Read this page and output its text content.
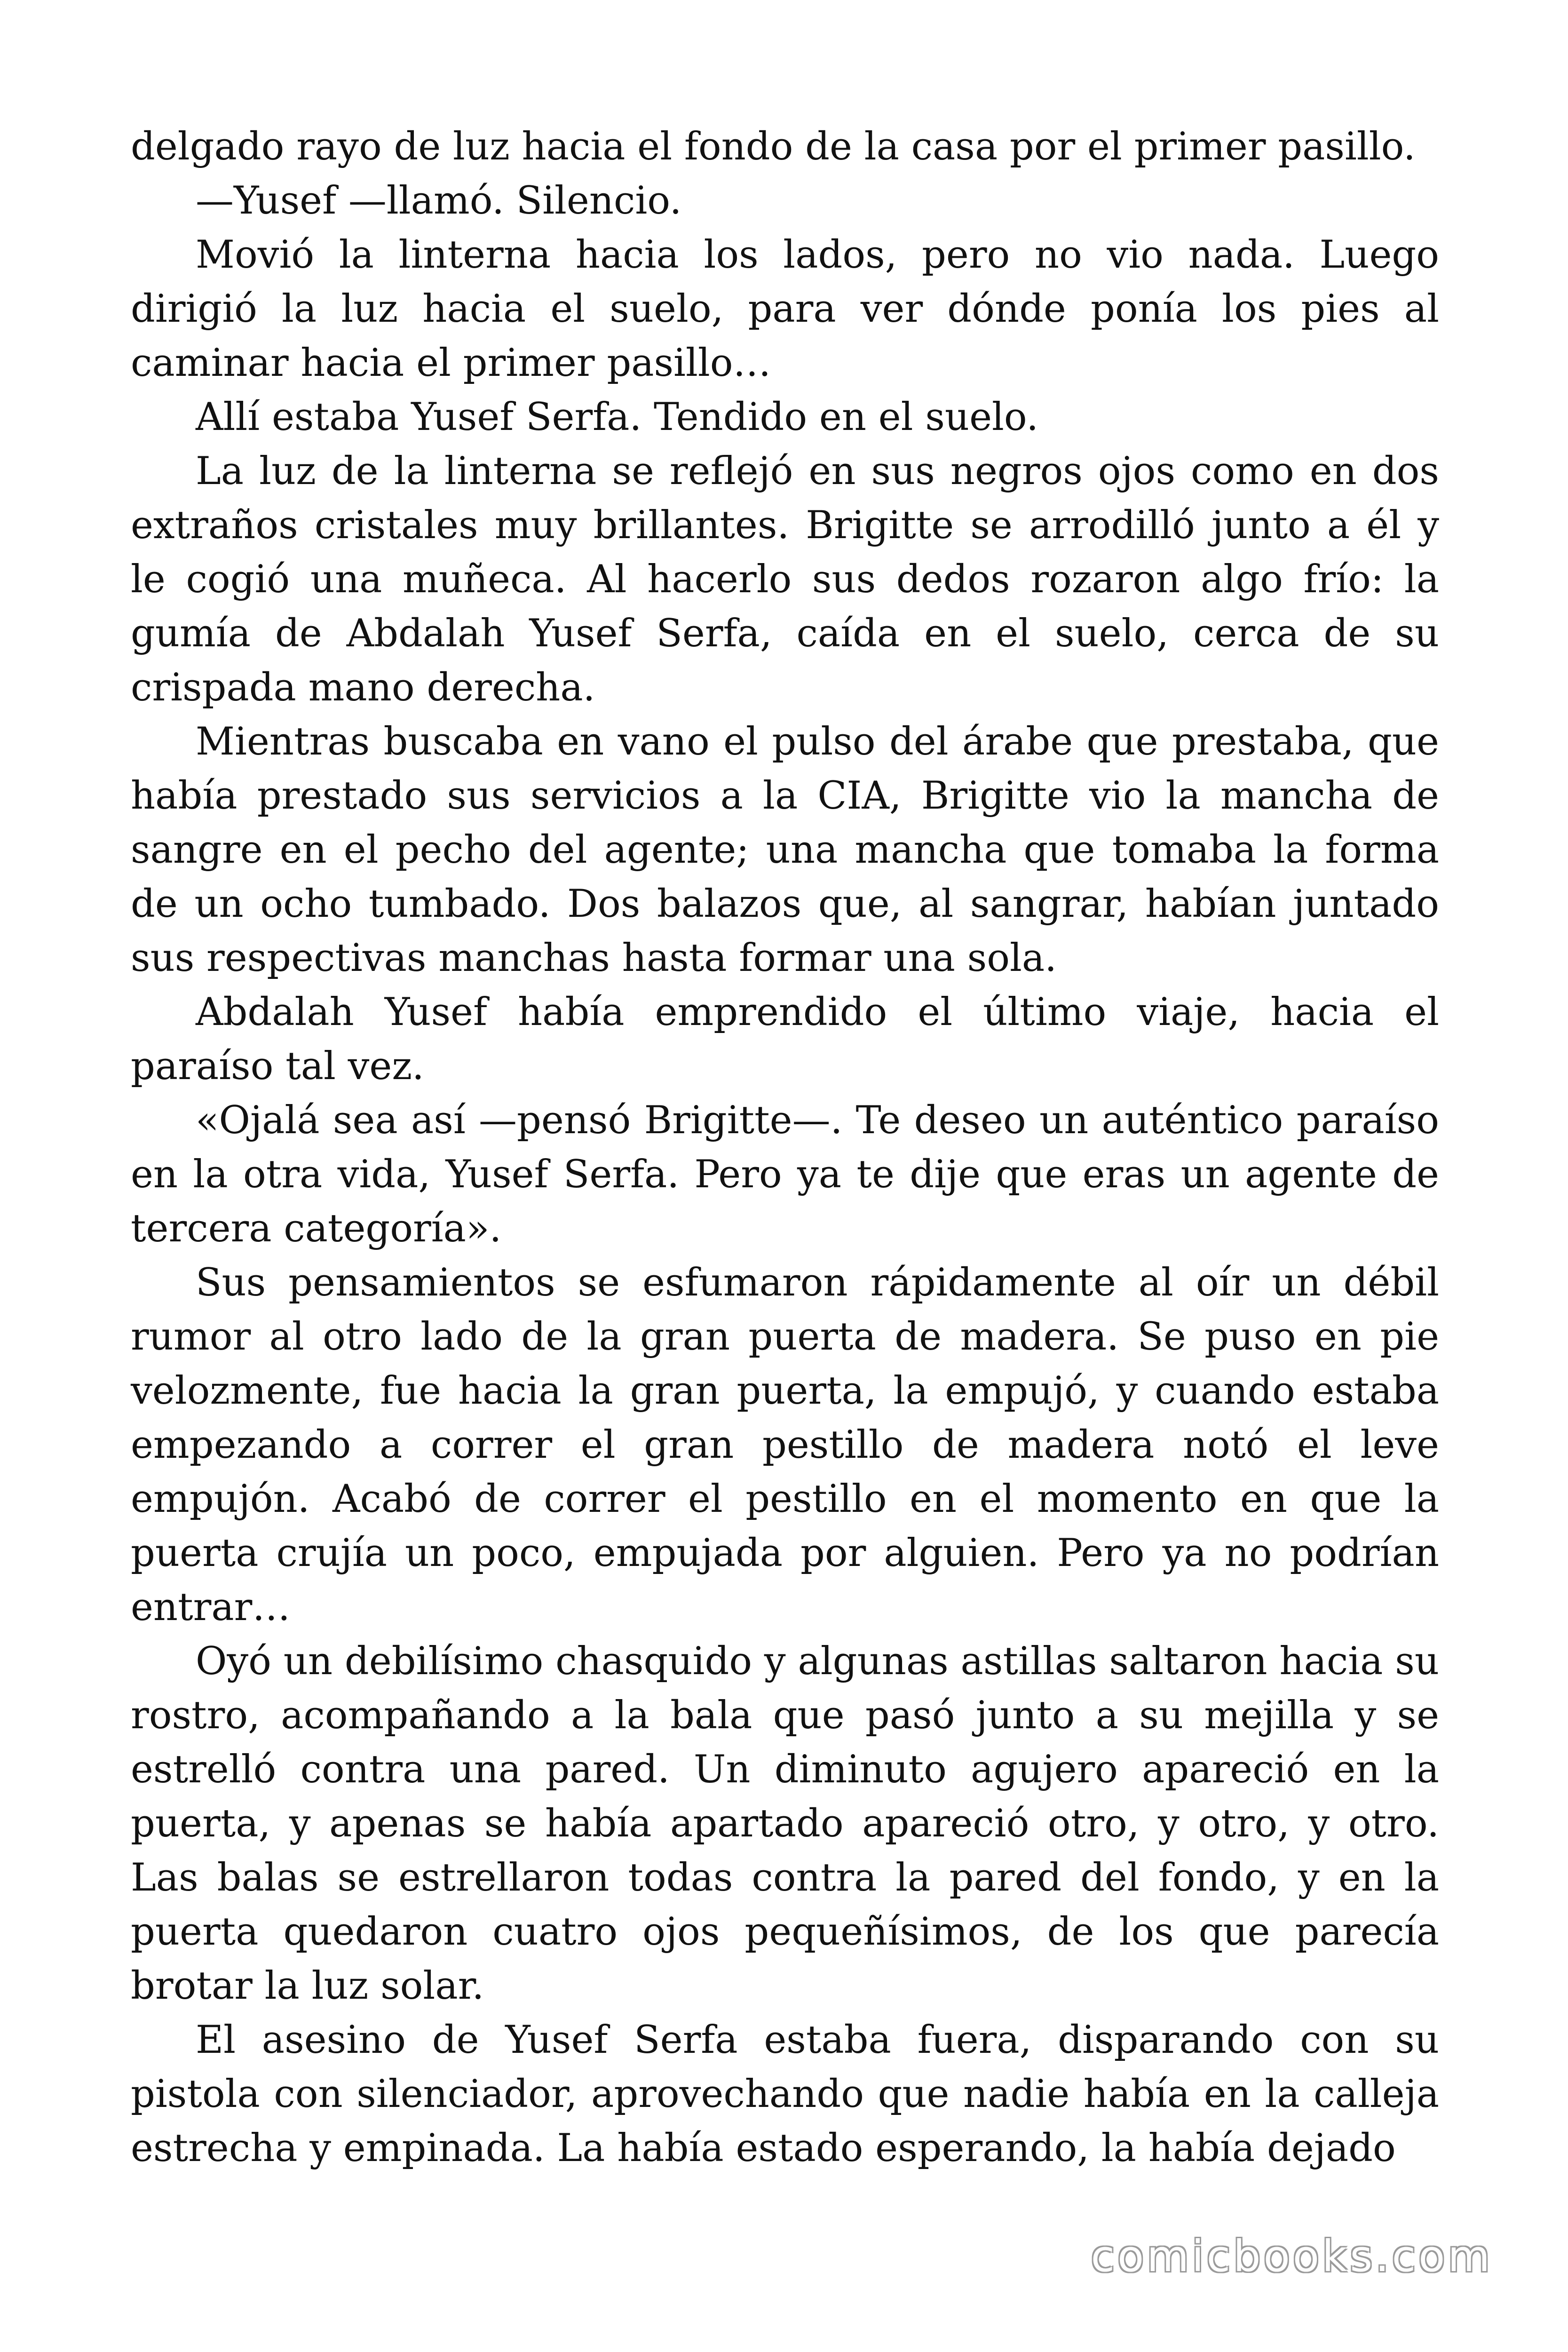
delgado rayo de luz hacia el fondo de la casa por el primer pasillo.

—Yusef —llamó. Silencio.

Movió la linterna hacia los lados, pero no vio nada. Luego dirigió la luz hacia el suelo, para ver dónde ponía los pies al caminar hacia el primer pasillo…

Allí estaba Yusef Serfa. Tendido en el suelo.

La luz de la linterna se reflejó en sus negros ojos como en dos extraños cristales muy brillantes. Brigitte se arrodilló junto a él y le cogió una muñeca. Al hacerlo sus dedos rozaron algo frío: la gumía de Abdalah Yusef Serfa, caída en el suelo, cerca de su crispada mano derecha.

Mientras buscaba en vano el pulso del árabe que prestaba, que había prestado sus servicios a la CIA, Brigitte vio la mancha de sangre en el pecho del agente; una mancha que tomaba la forma de un ocho tumbado. Dos balazos que, al sangrar, habían juntado sus respectivas manchas hasta formar una sola.

Abdalah Yusef había emprendido el último viaje, hacia el paraíso tal vez.

«Ojalá sea así —pensó Brigitte—. Te deseo un auténtico paraíso en la otra vida, Yusef Serfa. Pero ya te dije que eras un agente de tercera categoría».

Sus pensamientos se esfumaron rápidamente al oír un débil rumor al otro lado de la gran puerta de madera. Se puso en pie velozmente, fue hacia la gran puerta, la empujó, y cuando estaba empezando a correr el gran pestillo de madera notó el leve empujón. Acabó de correr el pestillo en el momento en que la puerta crujía un poco, empujada por alguien. Pero ya no podrían entrar…

Oyó un debilísimo chasquido y algunas astillas saltaron hacia su rostro, acompañando a la bala que pasó junto a su mejilla y se estrelló contra una pared. Un diminuto agujero apareció en la puerta, y apenas se había apartado apareció otro, y otro, y otro. Las balas se estrellaron todas contra la pared del fondo, y en la puerta quedaron cuatro ojos pequeñísimos, de los que parecía brotar la luz solar.

El asesino de Yusef Serfa estaba fuera, disparando con su pistola con silenciador, aprovechando que nadie había en la calleja estrecha y empinada. La había estado esperando, la había dejado

comicbooks.com
